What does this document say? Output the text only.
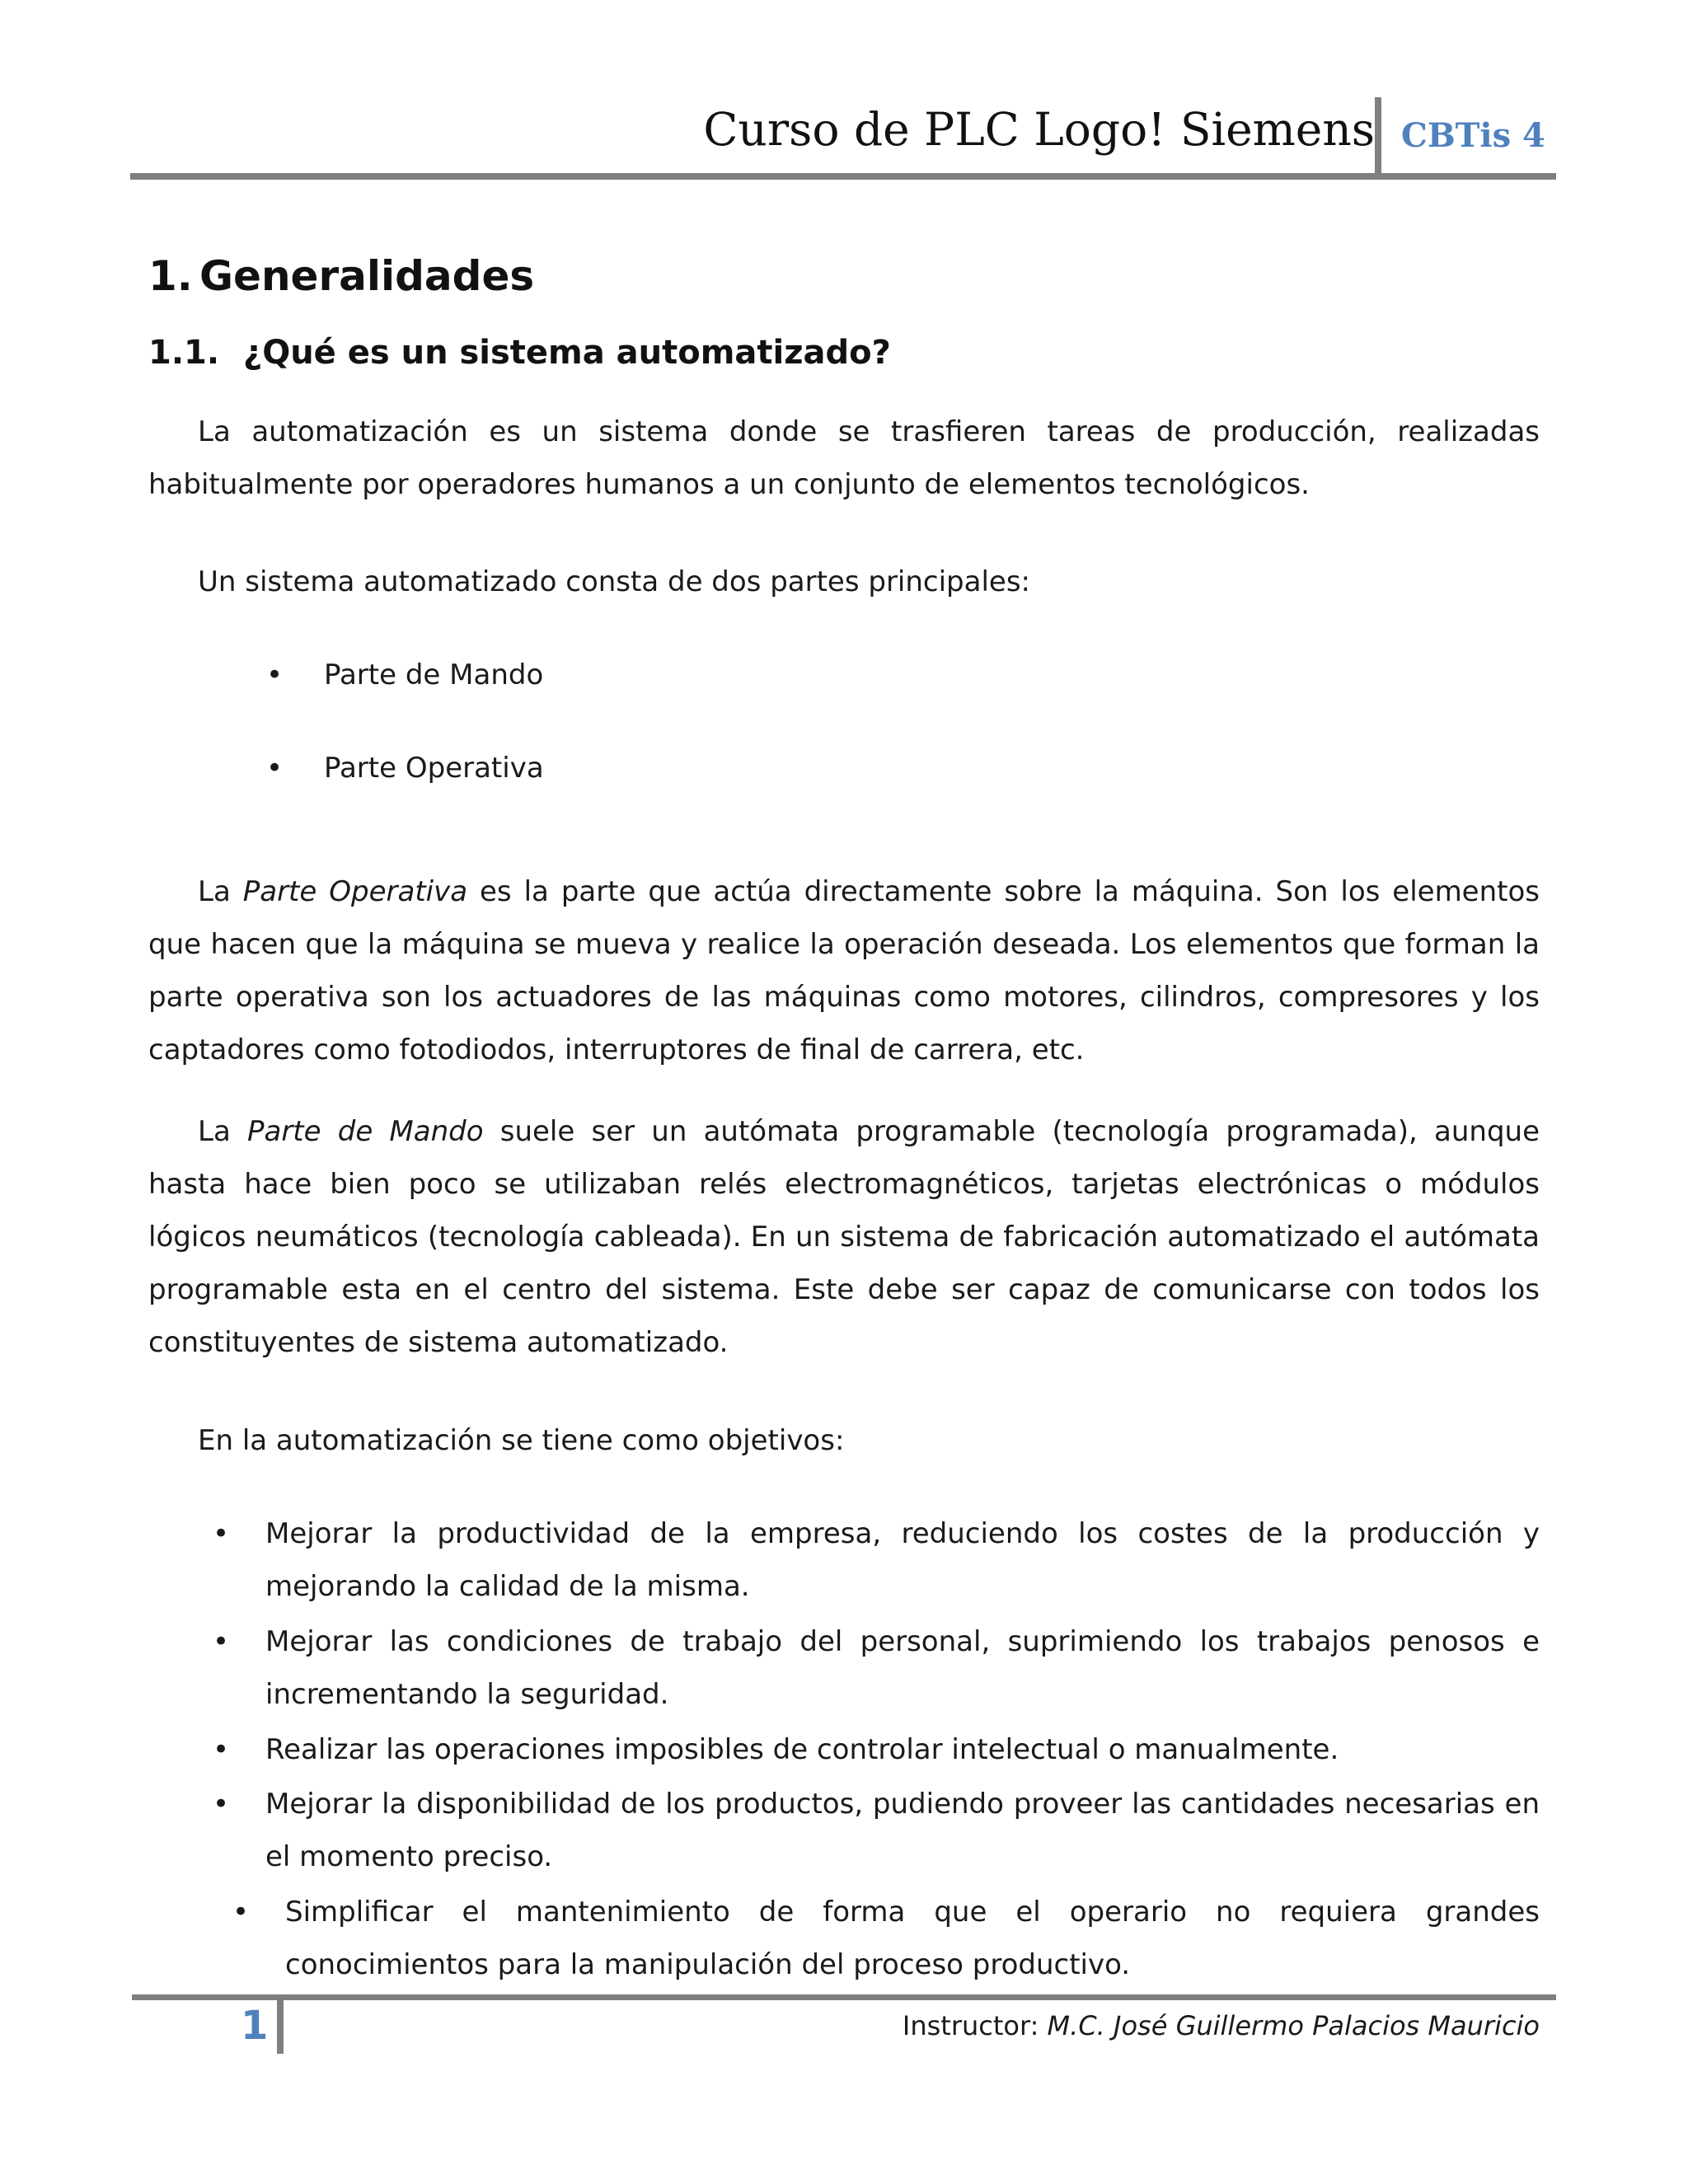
Curso de PLC Logo! Siemens CBTis 4
1. Generalidades
1.1. ¿Qué es un sistema automatizado?
La automatización es un sistema donde se trasfieren tareas de producción, realizadas habitualmente por operadores humanos a un conjunto de elementos tecnológicos.
Un sistema automatizado consta de dos partes principales:
• Parte de Mando
• Parte Operativa
La Parte Operativa es la parte que actúa directamente sobre la máquina. Son los elementos que hacen que la máquina se mueva y realice la operación deseada. Los elementos que forman la parte operativa son los actuadores de las máquinas como motores, cilindros, compresores y los captadores como fotodiodos, interruptores de final de carrera, etc.
La Parte de Mando suele ser un autómata programable (tecnología programada), aunque hasta hace bien poco se utilizaban relés electromagnéticos, tarjetas electrónicas o módulos lógicos neumáticos (tecnología cableada). En un sistema de fabricación automatizado el autómata programable esta en el centro del sistema. Este debe ser capaz de comunicarse con todos los constituyentes de sistema automatizado.
En la automatización se tiene como objetivos:
• Mejorar la productividad de la empresa, reduciendo los costes de la producción y mejorando la calidad de la misma.
• Mejorar las condiciones de trabajo del personal, suprimiendo los trabajos penosos e incrementando la seguridad.
• Realizar las operaciones imposibles de controlar intelectual o manualmente.
• Mejorar la disponibilidad de los productos, pudiendo proveer las cantidades necesarias en el momento preciso.
• Simplificar el mantenimiento de forma que el operario no requiera grandes conocimientos para la manipulación del proceso productivo.
1	Instructor: M.C. José Guillermo Palacios Mauricio
